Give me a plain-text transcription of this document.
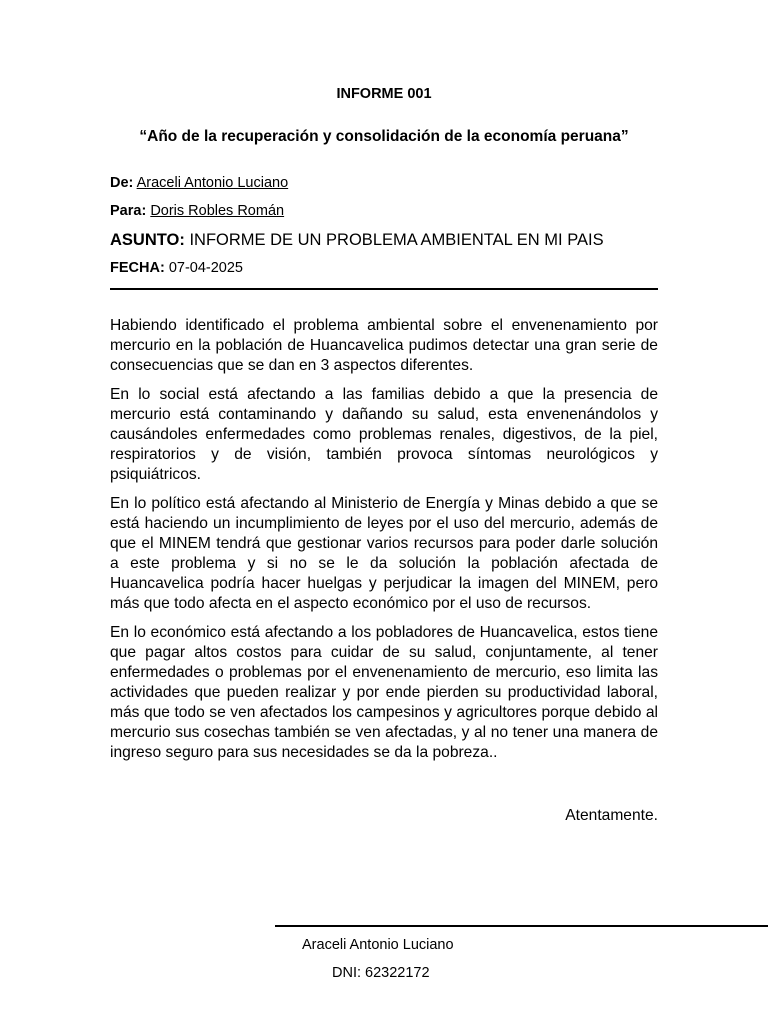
INFORME 001
“Año de la recuperación y consolidación de la economía peruana”
De: Araceli Antonio Luciano
Para: Doris Robles Román
ASUNTO: INFORME DE UN PROBLEMA AMBIENTAL EN MI PAIS
FECHA: 07-04-2025

Habiendo identificado el problema ambiental sobre el envenenamiento por mercurio en la población de Huancavelica pudimos detectar una gran serie de consecuencias que se dan en 3 aspectos diferentes.

En lo social está afectando a las familias debido a que la presencia de mercurio está contaminando y dañando su salud, esta envenenándolos y causándoles enfermedades como problemas renales, digestivos, de la piel, respiratorios y de visión, también provoca síntomas neurológicos y psiquiátricos.

En lo político está afectando al Ministerio de Energía y Minas debido a que se está haciendo un incumplimiento de leyes por el uso del mercurio, además de que el MINEM tendrá que gestionar varios recursos para poder darle solución a este problema y si no se le da solución la población afectada de Huancavelica podría hacer huelgas y perjudicar la imagen del MINEM, pero más que todo afecta en el aspecto económico por el uso de recursos.

En lo económico está afectando a los pobladores de Huancavelica, estos tiene que pagar altos costos para cuidar de su salud, conjuntamente, al tener enfermedades o problemas por el envenenamiento de mercurio, eso limita las actividades que pueden realizar y por ende pierden su productividad laboral, más que todo se ven afectados los campesinos y agricultores porque debido al mercurio sus cosechas también se ven afectadas, y al no tener una manera de ingreso seguro para sus necesidades se da la pobreza..

Atentamente.
Araceli Antonio Luciano
DNI: 62322172
